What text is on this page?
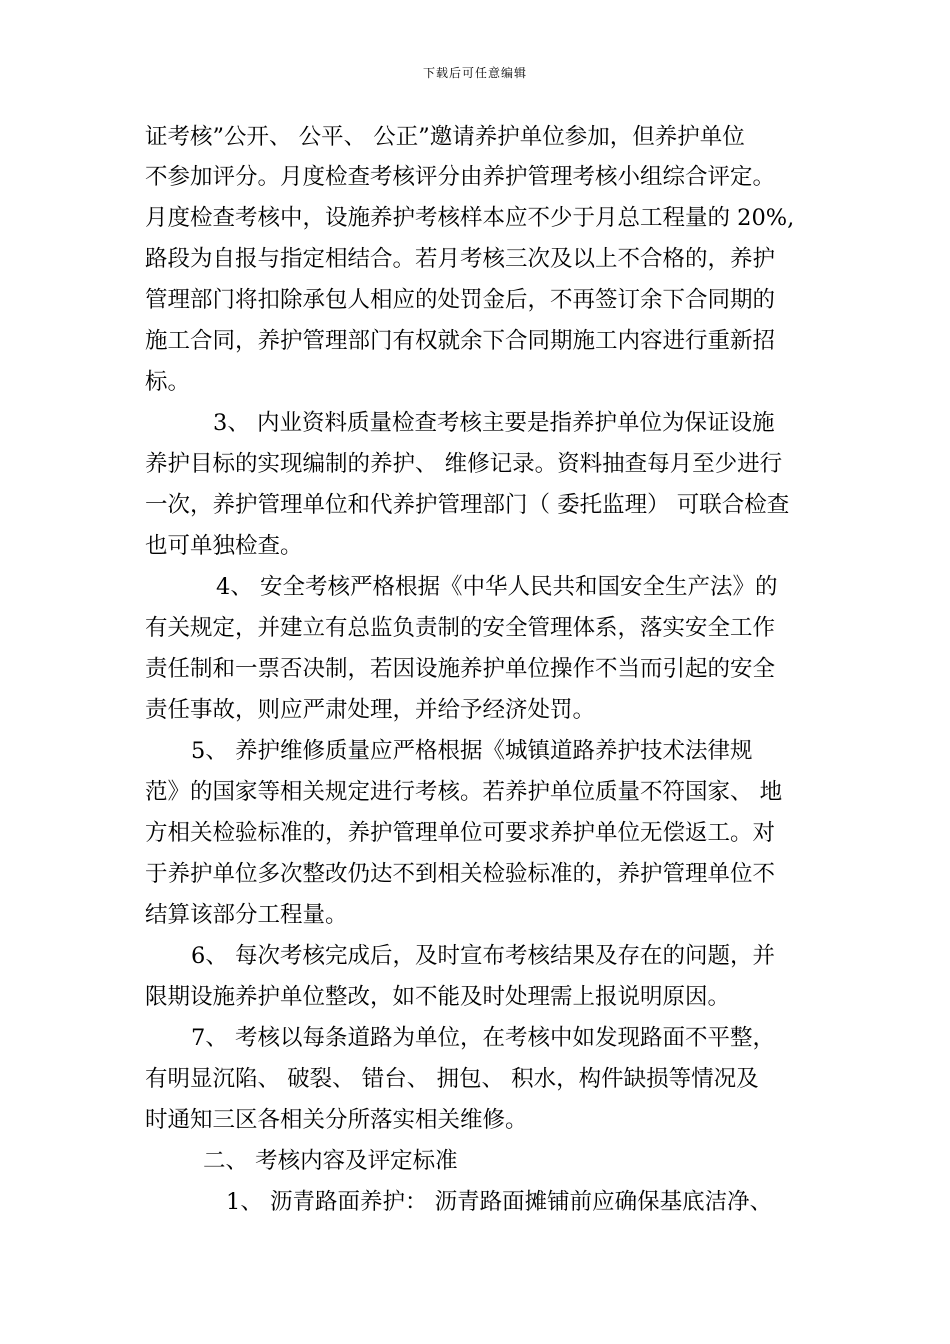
下载后可任意编辑
证考核”公开、 公平、 公正”邀请养护单位参加，但养护单位
不参加评分。月度检查考核评分由养护管理考核小组综合评定。
月度检查考核中，设施养护考核样本应不少于月总工程量的 20%,
路段为自报与指定相结合。若月考核三次及以上不合格的，养护
管理部门将扣除承包人相应的处罚金后，不再签订余下合同期的
施工合同，养护管理部门有权就余下合同期施工内容进行重新招
标。
3、 内业资料质量检查考核主要是指养护单位为保证设施
养护目标的实现编制的养护、 维修记录。资料抽查每月至少进行
一次，养护管理单位和代养护管理部门（ 委托监理） 可联合检查
也可单独检查。
4、 安全考核严格根据《中华人民共和国安全生产法》的
有关规定，并建立有总监负责制的安全管理体系，落实安全工作
责任制和一票否决制，若因设施养护单位操作不当而引起的安全
责任事故，则应严肃处理，并给予经济处罚。
5、 养护维修质量应严格根据《城镇道路养护技术法律规
范》的国家等相关规定进行考核。若养护单位质量不符国家、 地
方相关检验标准的，养护管理单位可要求养护单位无偿返工。对
于养护单位多次整改仍达不到相关检验标准的，养护管理单位不
结算该部分工程量。
6、 每次考核完成后，及时宣布考核结果及存在的问题，并
限期设施养护单位整改，如不能及时处理需上报说明原因。
7、 考核以每条道路为单位，在考核中如发现路面不平整，
有明显沉陷、 破裂、 错台、 拥包、 积水，构件缺损等情况及
时通知三区各相关分所落实相关维修。
二、 考核内容及评定标准
1、 沥青路面养护： 沥青路面摊铺前应确保基底洁净、
